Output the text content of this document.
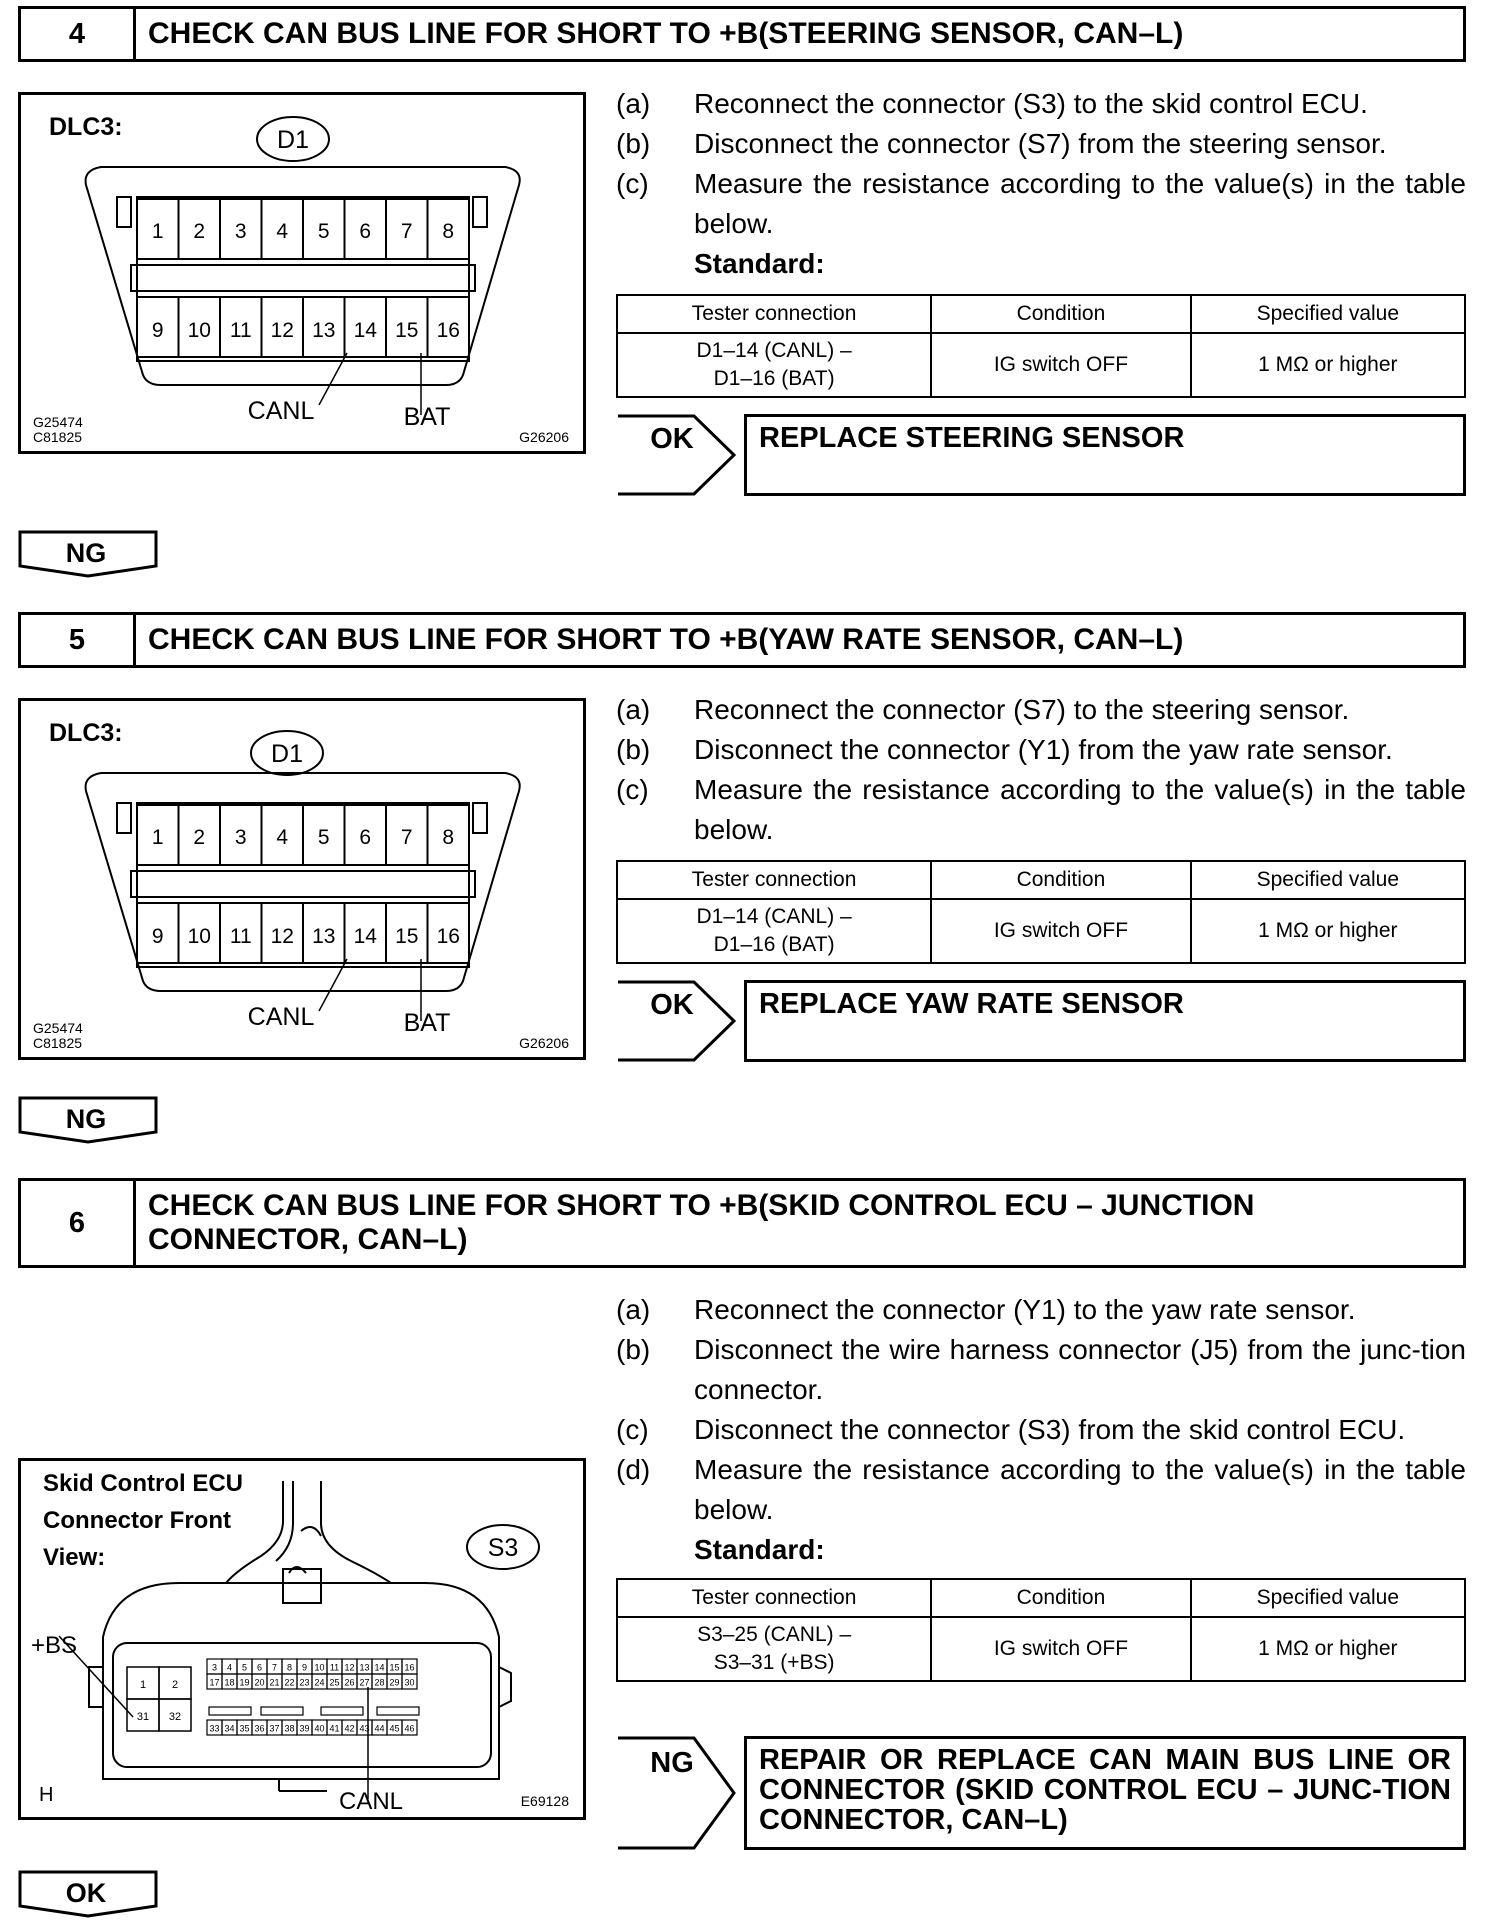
4	CHECK CAN BUS LINE FOR SHORT TO +B(STEERING SENSOR, CAN–L)
DLC3:	D1
1 2 3 4 5 6 7 8
9 10 11 12 13 14 15 16
CANL	BAT
G25474
C81825	G26206
(a)	Reconnect the connector (S3) to the skid control ECU.
(b)	Disconnect the connector (S7) from the steering sensor.
(c)	Measure the resistance according to the value(s) in the table below.
Standard:
Tester connection	Condition	Specified value
D1–14 (CANL) –
D1–16 (BAT)	IG switch OFF	1 MΩ or higher
OK	REPLACE STEERING SENSOR
NG
5	CHECK CAN BUS LINE FOR SHORT TO +B(YAW RATE SENSOR, CAN–L)
DLC3:
D1
1 2 3 4 5 6 7 8
9 10 11 12 13 14 15 16
CANL	BAT
G25474
C81825	G26206
(a)	Reconnect the connector (S7) to the steering sensor.
(b)	Disconnect the connector (Y1) from the yaw rate sensor.
(c)	Measure the resistance according to the value(s) in the table below.
Tester connection	Condition	Specified value
D1–14 (CANL) –
D1–16 (BAT)	IG switch OFF	1 MΩ or higher
OK	REPLACE YAW RATE SENSOR
NG
6
CHECK CAN BUS LINE FOR SHORT TO +B(SKID CONTROL ECU – JUNCTION CONNECTOR, CAN–L)
(a)	Reconnect the connector (Y1) to the yaw rate sensor.
(b)	Disconnect the wire harness connector (J5) from the junc-tion connector.
(c)	Disconnect the connector (S3) from the skid control ECU.
(d)	Measure the resistance according to the value(s) in the table below.
Standard:
Skid Control ECU
Connector Front
View:	S3
1 2
31 32
3 4 5 6 7 8 9 10 11 12 13 14 15 16
17 18 19 20 21 22 23 24 25 26 27 28 29 30
33 34 35 36 37 38 39 40 41 42 43 44 45 46
+BS
CANL
H	E69128
Tester connection	Condition	Specified value
S3–25 (CANL) –
S3–31 (+BS)	IG switch OFF	1 MΩ or higher
NG	REPAIR OR REPLACE CAN MAIN BUS LINE OR CONNECTOR (SKID CONTROL ECU – JUNC-TION CONNECTOR, CAN–L)
OK
